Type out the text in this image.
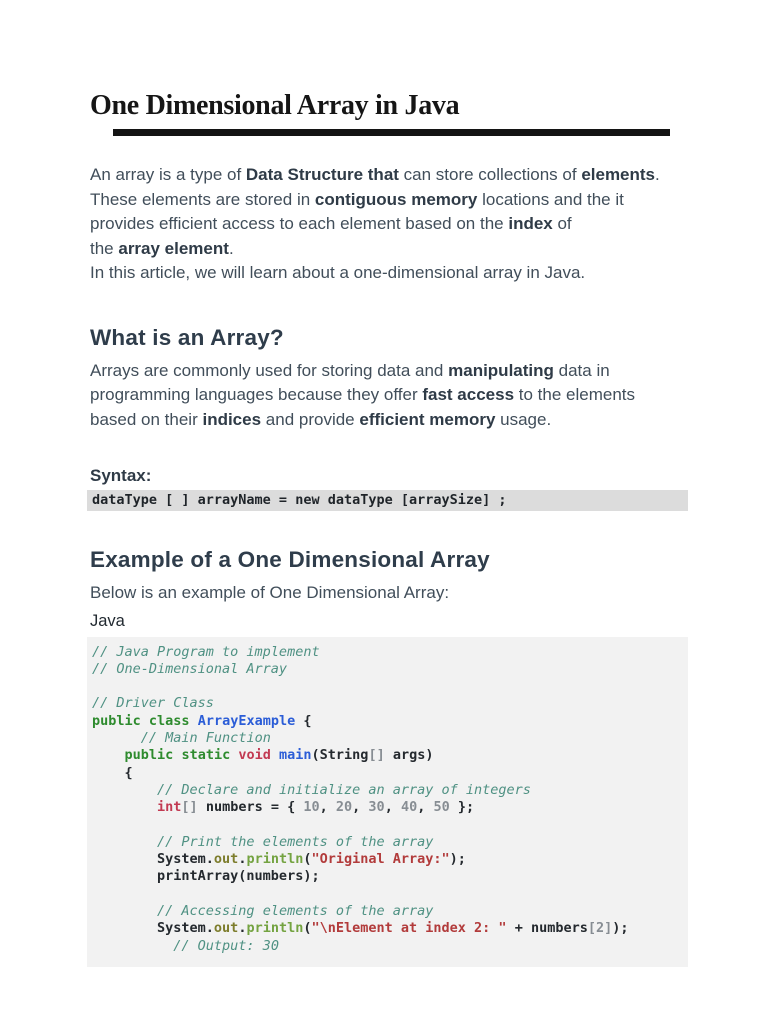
One Dimensional Array in Java
An array is a type of Data Structure that can store collections of elements.
These elements are stored in contiguous memory locations and the it
provides efficient access to each element based on the index of
the array element.
In this article, we will learn about a one-dimensional array in Java.
What is an Array?
Arrays are commonly used for storing data and manipulating data in
programming languages because they offer fast access to the elements
based on their indices and provide efficient memory usage.
Syntax:
dataType [ ] arrayName = new dataType [arraySize] ;
Example of a One Dimensional Array
Below is an example of One Dimensional Array:
Java
// Java Program to implement
// One-Dimensional Array

// Driver Class
public class ArrayExample {
// Main Function
public static void main(String[] args)
{
// Declare and initialize an array of integers
int[] numbers = { 10, 20, 30, 40, 50 };

// Print the elements of the array
System.out.println("Original Array:");
printArray(numbers);

// Accessing elements of the array
System.out.println("\nElement at index 2: " + numbers[2]);
// Output: 30
